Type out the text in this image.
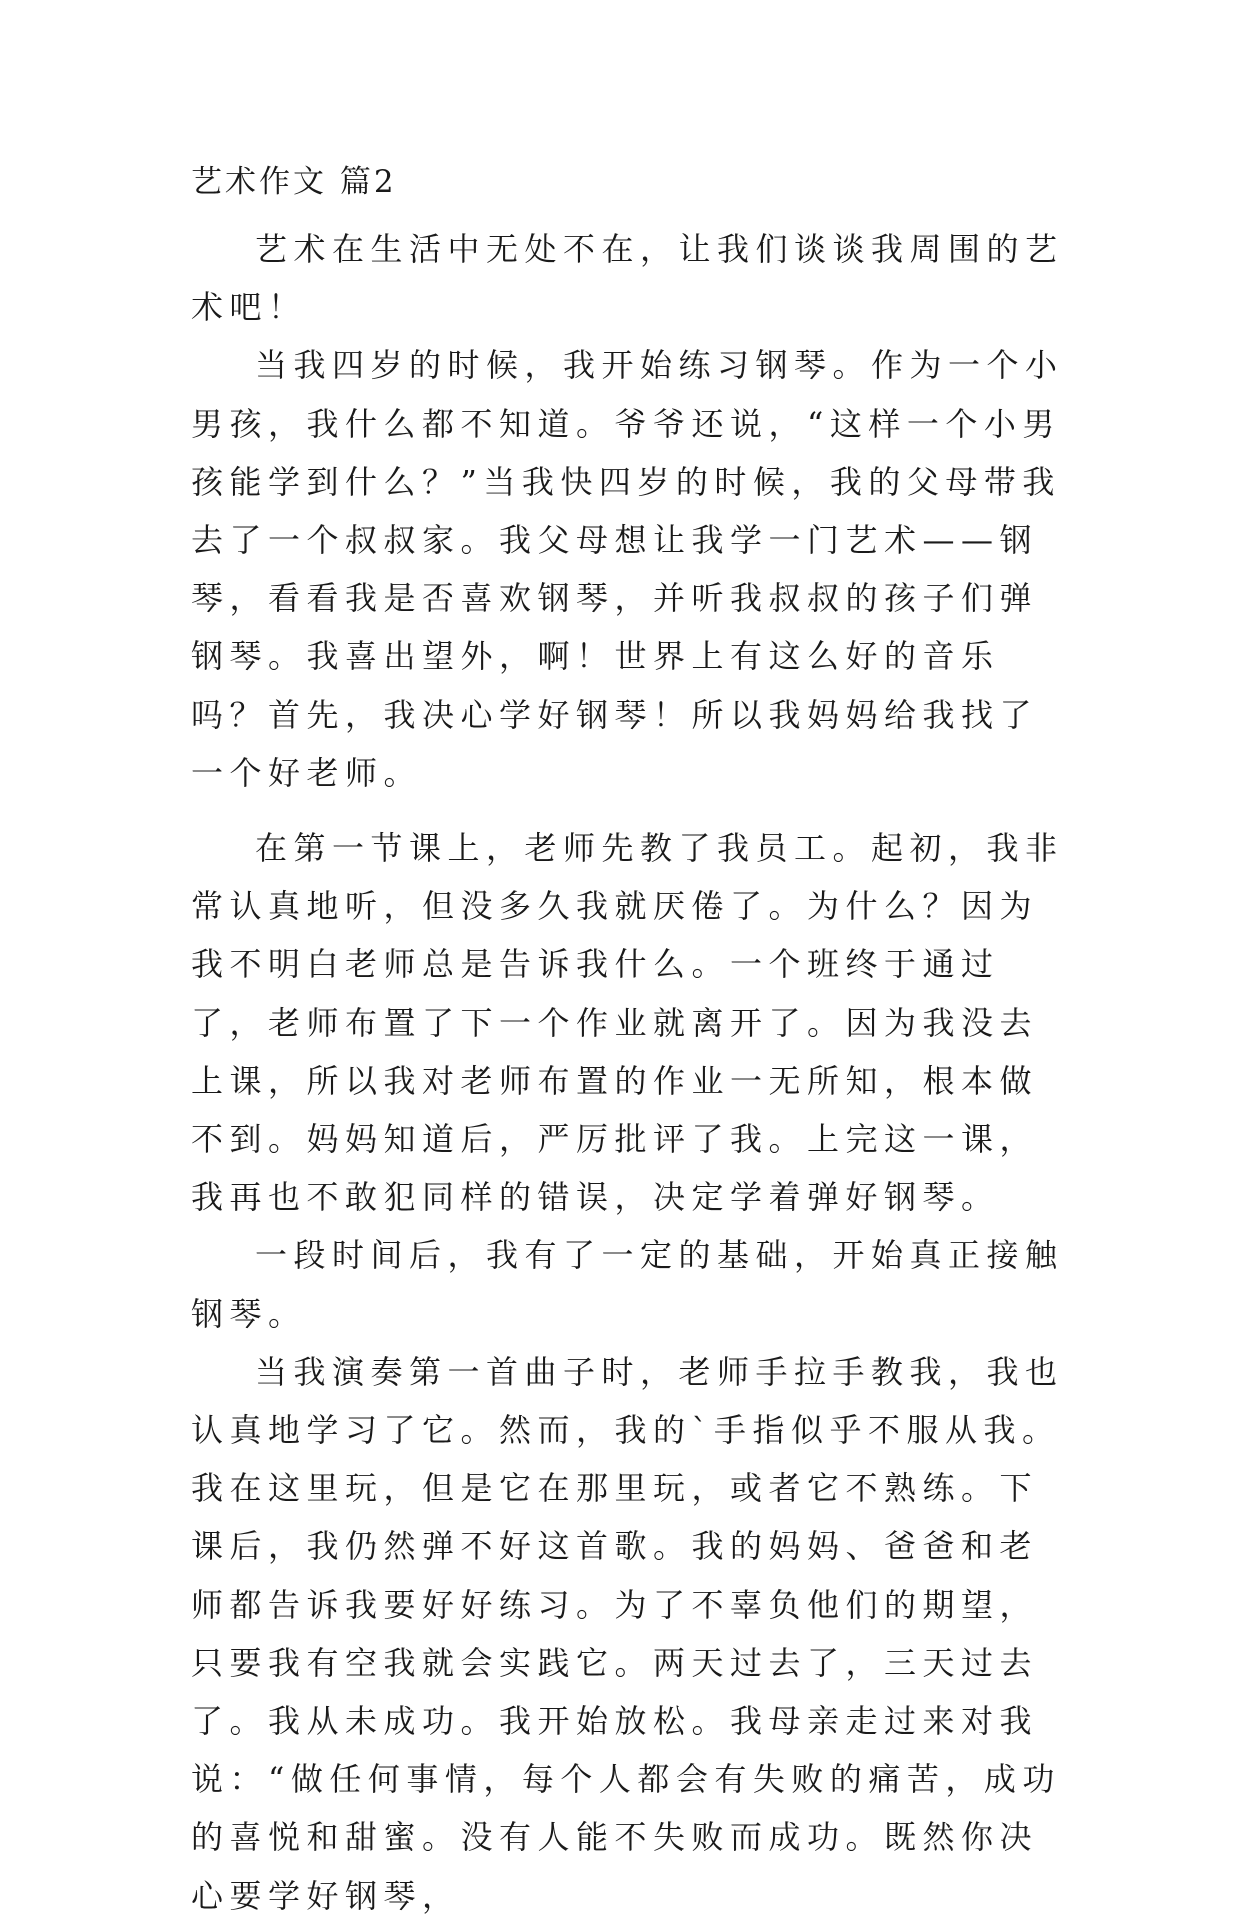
艺术作文 篇2

艺术在生活中无处不在，让我们谈谈我周围的艺术吧！

当我四岁的时候，我开始练习钢琴。作为一个小男孩，我什么都不知道。爷爷还说，“这样一个小男孩能学到什么？”当我快四岁的时候，我的父母带我去了一个叔叔家。我父母想让我学一门艺术——钢琴，看看我是否喜欢钢琴，并听我叔叔的孩子们弹钢琴。我喜出望外，啊！世界上有这么好的音乐吗？首先，我决心学好钢琴！所以我妈妈给我找了一个好老师。

在第一节课上，老师先教了我员工。起初，我非常认真地听，但没多久我就厌倦了。为什么？因为我不明白老师总是告诉我什么。一个班终于通过了，老师布置了下一个作业就离开了。因为我没去上课，所以我对老师布置的作业一无所知，根本做不到。妈妈知道后，严厉批评了我。上完这一课，我再也不敢犯同样的错误，决定学着弹好钢琴。

一段时间后，我有了一定的基础，开始真正接触钢琴。

当我演奏第一首曲子时，老师手拉手教我，我也认真地学习了它。然而，我的`手指似乎不服从我。我在这里玩，但是它在那里玩，或者它不熟练。下课后，我仍然弹不好这首歌。我的妈妈、爸爸和老师都告诉我要好好练习。为了不辜负他们的期望，只要我有空我就会实践它。两天过去了，三天过去了。我从未成功。我开始放松。我母亲走过来对我说：“做任何事情，每个人都会有失败的痛苦，成功的喜悦和甜蜜。没有人能不失败而成功。既然你决心要学好钢琴，
